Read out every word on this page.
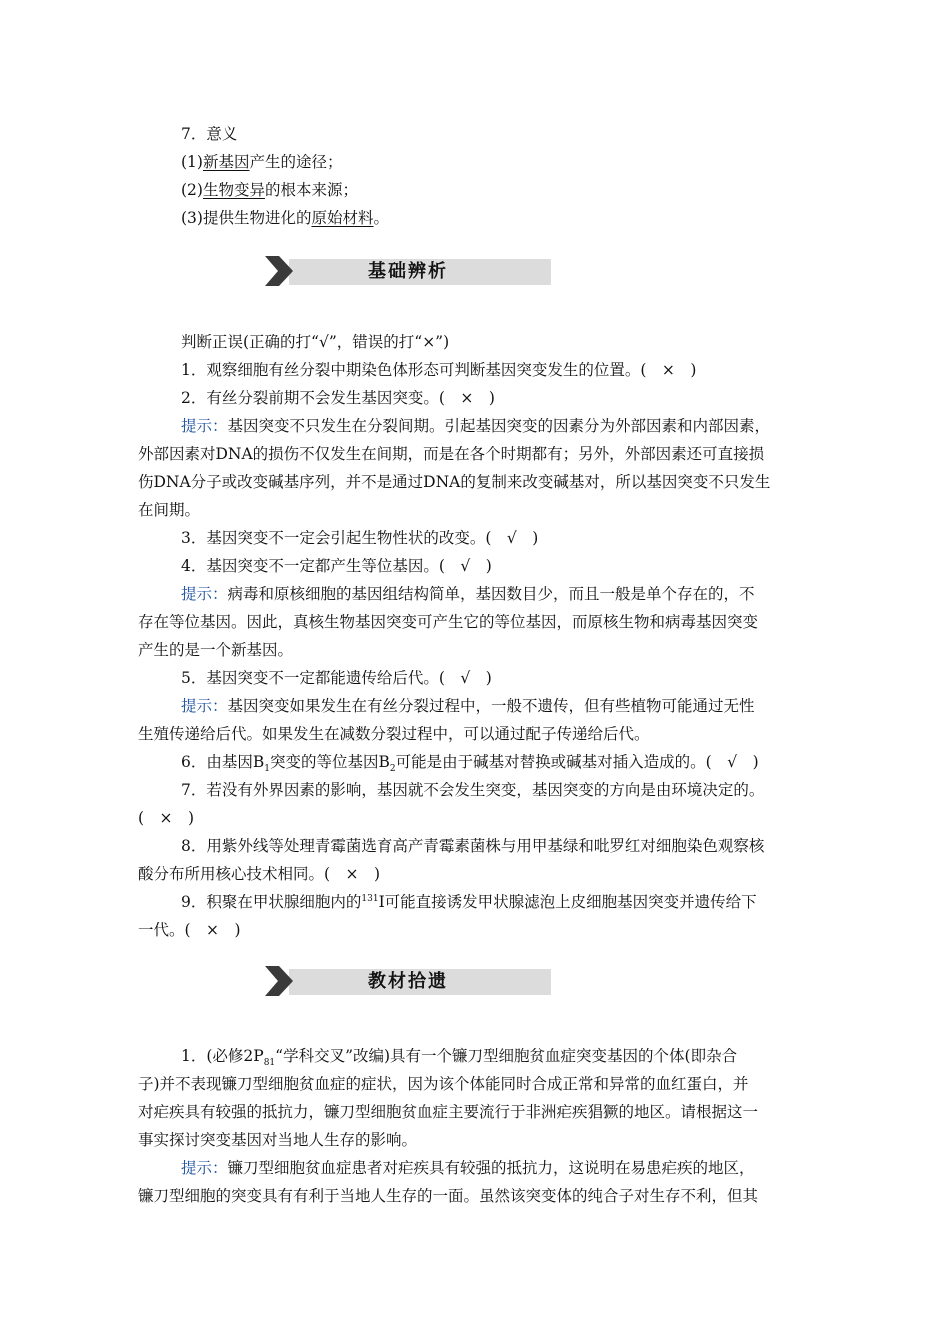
7．意义
(1)新基因产生的途径；
(2)生物变异的根本来源；
(3)提供生物进化的原始材料。
基础辨析
判断正误(正确的打“√”，错误的打“×”)
1．观察细胞有丝分裂中期染色体形态可判断基因突变发生的位置。(　×　)
2．有丝分裂前期不会发生基因突变。(　×　)
提示：基因突变不只发生在分裂间期。引起基因突变的因素分为外部因素和内部因素，
外部因素对DNA的损伤不仅发生在间期，而是在各个时期都有；另外，外部因素还可直接损
伤DNA分子或改变碱基序列，并不是通过DNA的复制来改变碱基对，所以基因突变不只发生
在间期。
3．基因突变不一定会引起生物性状的改变。(　√　)
4．基因突变不一定都产生等位基因。(　√　)
提示：病毒和原核细胞的基因组结构简单，基因数目少，而且一般是单个存在的，不
存在等位基因。因此，真核生物基因突变可产生它的等位基因，而原核生物和病毒基因突变
产生的是一个新基因。
5．基因突变不一定都能遗传给后代。(　√　)
提示：基因突变如果发生在有丝分裂过程中，一般不遗传，但有些植物可能通过无性
生殖传递给后代。如果发生在减数分裂过程中，可以通过配子传递给后代。
6．由基因$B_1$突变的等位基因$B_2$可能是由于碱基对替换或碱基对插入造成的。(　√　)
7．若没有外界因素的影响，基因就不会发生突变，基因突变的方向是由环境决定的。
(　×　)
8．用紫外线等处理青霉菌选育高产青霉素菌株与用甲基绿和吡罗红对细胞染色观察核
酸分布所用核心技术相同。(　×　)
9．积聚在甲状腺细胞内的$^{131}$I可能直接诱发甲状腺滤泡上皮细胞基因突变并遗传给下
一代。(　×　)
教材拾遗
1．(必修$2P_{81}“$学科交叉”改编)具有一个镰刀型细胞贫血症突变基因的个体(即杂合
子)并不表现镰刀型细胞贫血症的症状，因为该个体能同时合成正常和异常的血红蛋白，并
对疟疾具有较强的抵抗力，镰刀型细胞贫血症主要流行于非洲疟疾猖獗的地区。请根据这一
事实探讨突变基因对当地人生存的影响。
提示：镰刀型细胞贫血症患者对疟疾具有较强的抵抗力，这说明在易患疟疾的地区，
镰刀型细胞的突变具有有利于当地人生存的一面。虽然该突变体的纯合子对生存不利，但其
